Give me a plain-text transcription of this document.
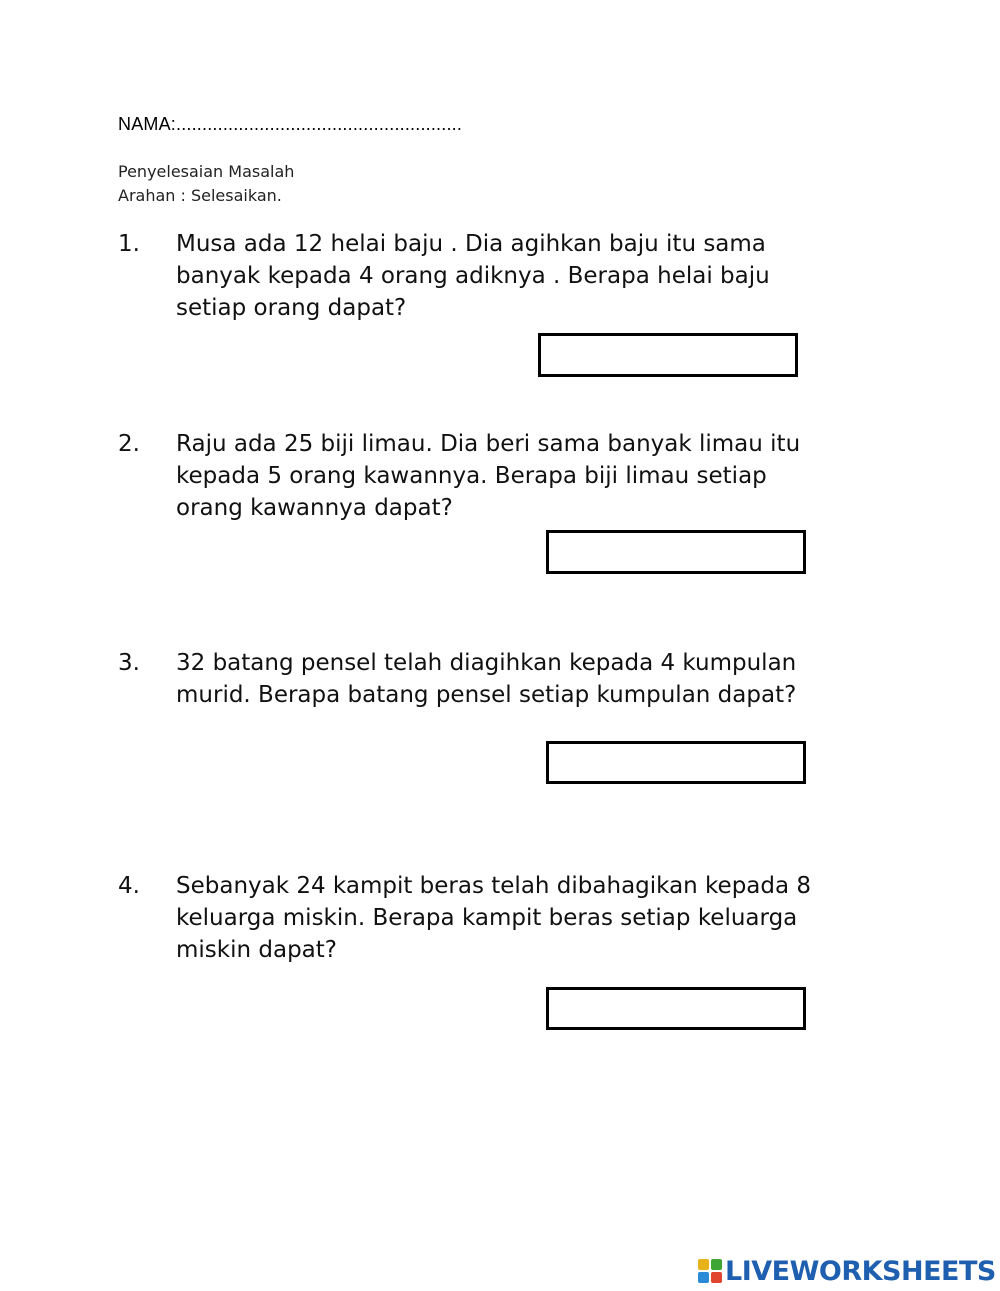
NAMA:.......................................................
Penyelesaian Masalah
Arahan : Selesaikan.
1. Musa ada 12 helai baju . Dia agihkan baju itu sama banyak kepada 4 orang adiknya . Berapa helai baju setiap orang dapat?
2. Raju ada 25 biji limau. Dia beri sama banyak limau itu kepada 5 orang kawannya. Berapa biji limau setiap orang kawannya dapat?
3. 32 batang pensel telah diagihkan kepada 4 kumpulan murid. Berapa batang pensel setiap kumpulan dapat?
4. Sebanyak 24 kampit beras telah dibahagikan kepada 8 keluarga miskin. Berapa kampit beras setiap keluarga miskin dapat?
LIVEWORKSHEETS
